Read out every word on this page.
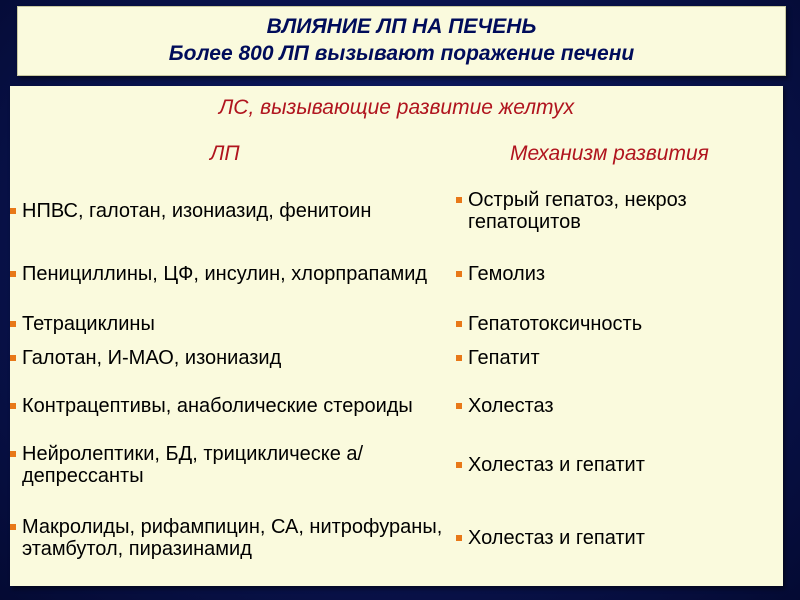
ВЛИЯНИЕ ЛП НА ПЕЧЕНЬ
Более 800 ЛП вызывают поражение печени
ЛС, вызывающие развитие желтух
ЛП	Механизм развития
НПВС, галотан, изониазид, фенитоин	Острый гепатоз, некроз гепатоцитов
Пенициллины, ЦФ, инсулин, хлорпрапамид	Гемолиз
Тетрациклины	Гепатотоксичность
Галотан, И-МАО, изониазид	Гепатит
Контрацептивы, анаболические стероиды	Холестаз
Нейролептики, БД, трициклическе а/депрессанты	Холестаз и гепатит
Макролиды, рифампицин, СА, нитрофураны, этамбутол, пиразинамид	Холестаз и гепатит
